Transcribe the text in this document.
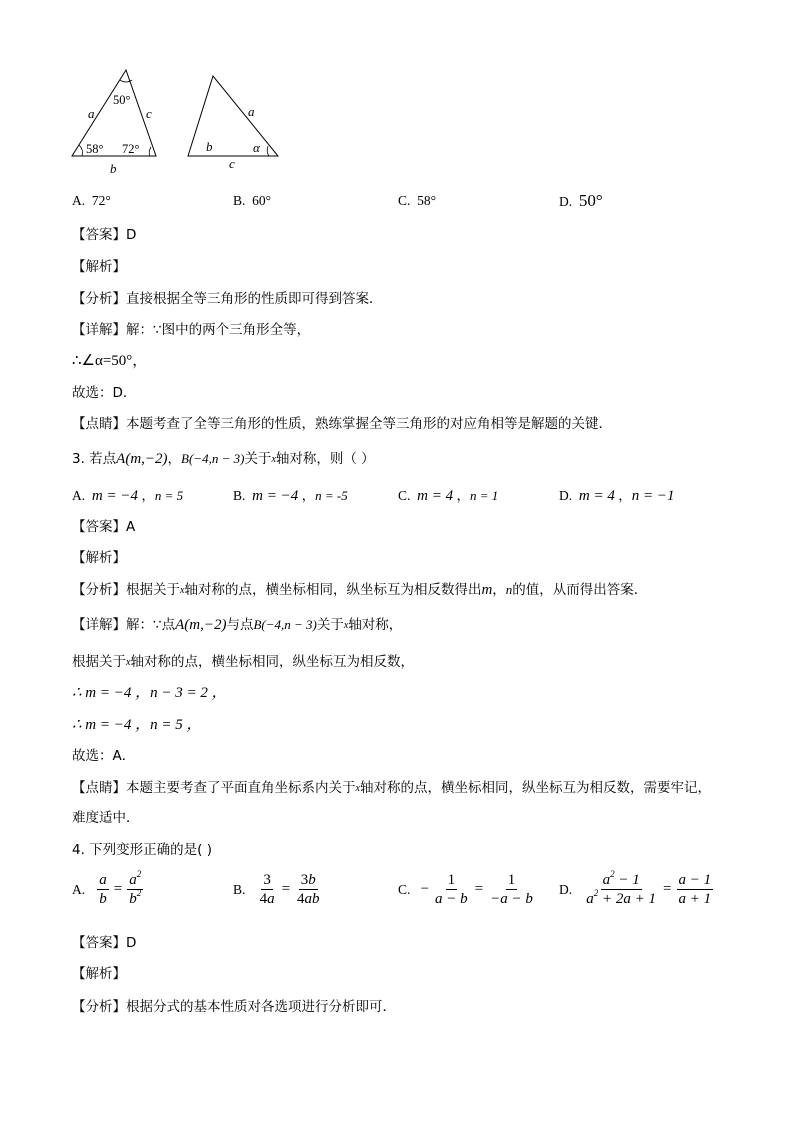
a	c
b
50°
58° 72°
a
b
c
α
A. 72°	B. 60°	C. 58°	D. 50°
【答案】D
【解析】
【分析】直接根据全等三角形的性质即可得到答案．
【详解】解：∵图中的两个三角形全等，
∴∠α=50°，
故选：D．
【点睛】本题考查了全等三角形的性质，熟练掌握全等三角形的对应角相等是解题的关键．
3. 若点A(m,−2)，B(−4,n − 3)关于x轴对称，则（ ）
A. m = −4 ，n = 5	B. m = −4 ，n = -5	C. m = 4 ，n = 1	D. m = 4 ，n = −1
【答案】A
【解析】
【分析】根据关于x轴对称的点，横坐标相同，纵坐标互为相反数得出m，n的值，从而得出答案．
【详解】解：∵点A(m,−2)与点B(−4,n − 3)关于x轴对称，
根据关于x轴对称的点，横坐标相同，纵坐标互为相反数，
∴ m = −4 ，n − 3 = 2 ，
∴ m = −4 ，n = 5 ，
故选：A．
【点睛】本题主要考查了平面直角坐标系内关于x轴对称的点，横坐标相同，纵坐标互为相反数，需要牢记，
难度适中．
4. 下列变形正确的是( )
A.
$\frac{a}{b} = \frac{a^2}{b^2}$	B.
$\frac{3}{4a} = \frac{3b}{4ab}$	C.
− $\frac{1}{a - b} = \frac{1}{-a - b} D$.
$\frac{a^2 - 1}{a^2 + 2a + 1} = \frac{a - 1}{a + 1}$
【答案】D
【解析】
【分析】根据分式的基本性质对各选项进行分析即可．
